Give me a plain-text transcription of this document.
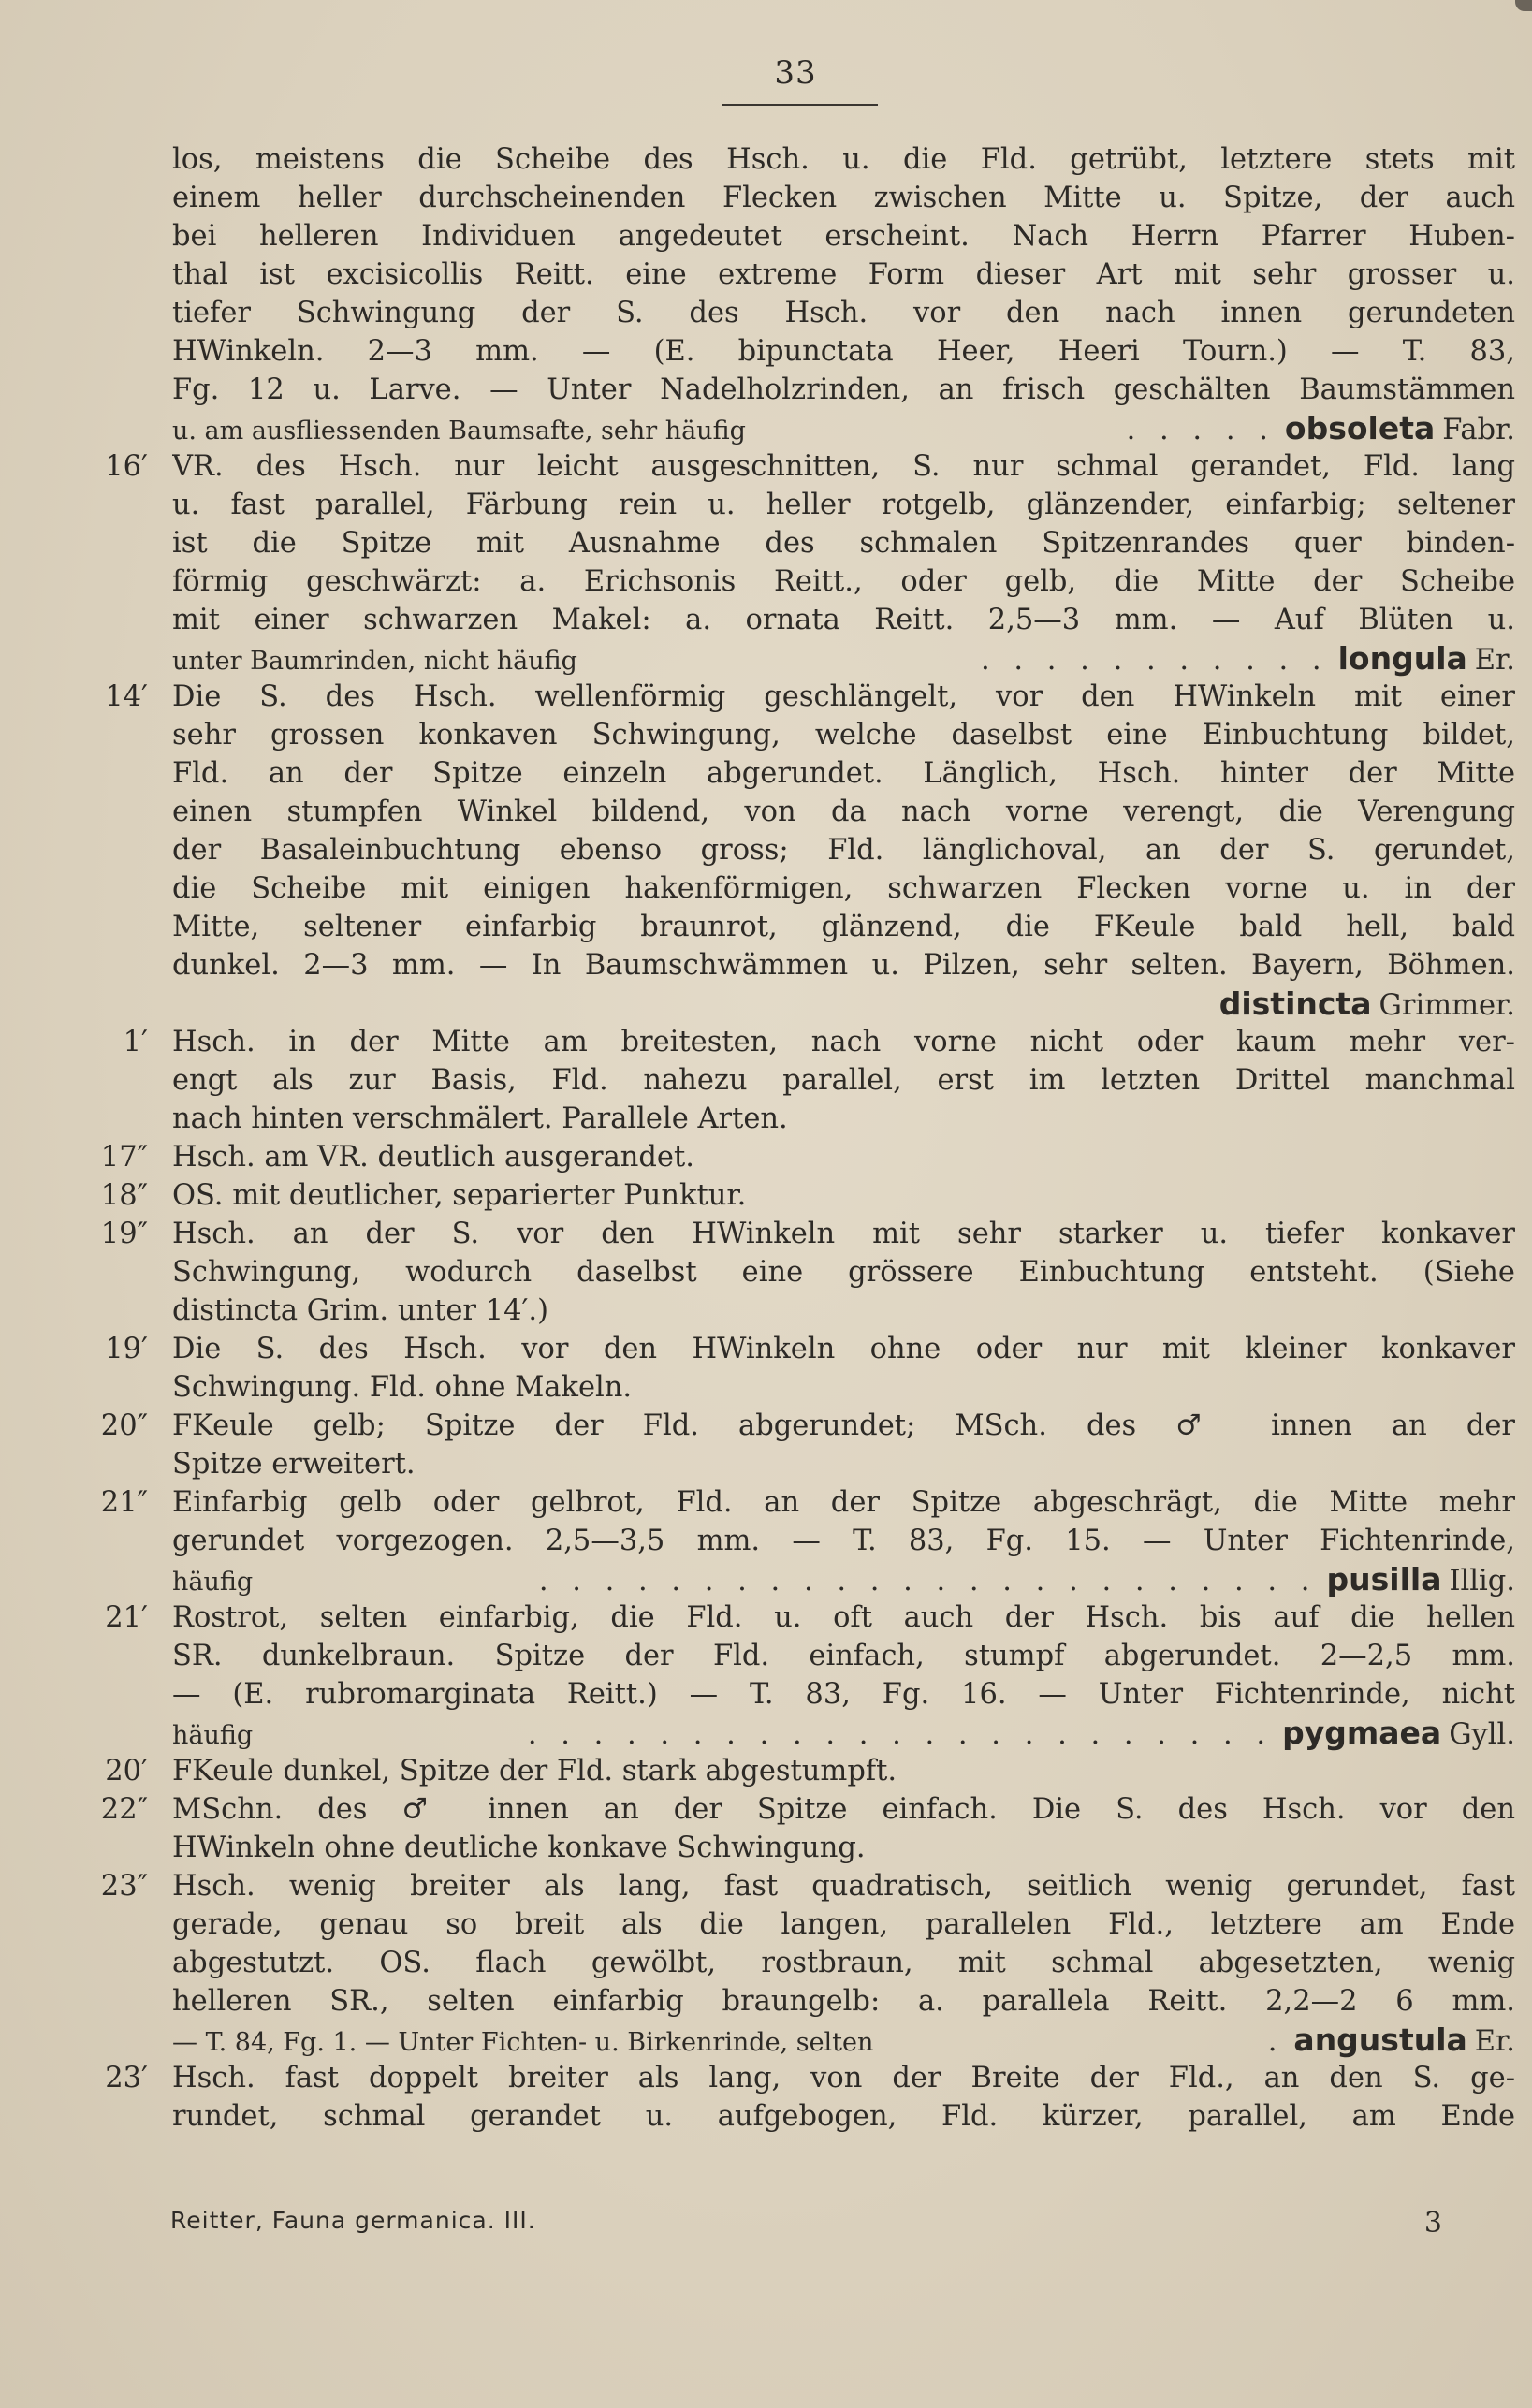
33
los, meistens die Scheibe des Hsch. u. die Fld. getrübt, letztere stets mit
einem heller durchscheinenden Flecken zwischen Mitte u. Spitze, der auch
bei helleren Individuen angedeutet erscheint. Nach Herrn Pfarrer Huben-
thal ist excisicollis Reitt. eine extreme Form dieser Art mit sehr grosser u.
tiefer Schwingung der S. des Hsch. vor den nach innen gerundeten
HWinkeln. 2—3 mm. — (E. bipunctata Heer, Heeri Tourn.) — T. 83,
Fg. 12 u. Larve. — Unter Nadelholzrinden, an frisch geschälten Baumstämmen
u. am ausfliessenden Baumsafte, sehr häufig	. . . . . obsoleta Fabr.
16′ VR. des Hsch. nur leicht ausgeschnitten, S. nur schmal gerandet, Fld. lang
u. fast parallel, Färbung rein u. heller rotgelb, glänzender, einfarbig; seltener
ist die Spitze mit Ausnahme des schmalen Spitzenrandes quer binden-
förmig geschwärzt: a. Erichsonis Reitt., oder gelb, die Mitte der Scheibe
mit einer schwarzen Makel: a. ornata Reitt. 2,5—3 mm. — Auf Blüten u.
unter Baumrinden, nicht häufig	. . . . . . . . . . . longula Er.
14′ Die S. des Hsch. wellenförmig geschlängelt, vor den HWinkeln mit einer
sehr grossen konkaven Schwingung, welche daselbst eine Einbuchtung bildet,
Fld. an der Spitze einzeln abgerundet. Länglich, Hsch. hinter der Mitte
einen stumpfen Winkel bildend, von da nach vorne verengt, die Verengung
der Basaleinbuchtung ebenso gross; Fld. länglichoval, an der S. gerundet,
die Scheibe mit einigen hakenförmigen, schwarzen Flecken vorne u. in der
Mitte, seltener einfarbig braunrot, glänzend, die FKeule bald hell, bald
dunkel. 2—3 mm. — In Baumschwämmen u. Pilzen, sehr selten. Bayern, Böhmen.
distincta Grimmer.
1′ Hsch. in der Mitte am breitesten, nach vorne nicht oder kaum mehr ver-
engt als zur Basis, Fld. nahezu parallel, erst im letzten Drittel manchmal
nach hinten verschmälert. Parallele Arten.
17″ Hsch. am VR. deutlich ausgerandet.
18″ OS. mit deutlicher, separierter Punktur.
19″ Hsch. an der S. vor den HWinkeln mit sehr starker u. tiefer konkaver
Schwingung, wodurch daselbst eine grössere Einbuchtung entsteht. (Siehe
distincta Grim. unter 14′.)
19′ Die S. des Hsch. vor den HWinkeln ohne oder nur mit kleiner konkaver
Schwingung. Fld. ohne Makeln.
20″ FKeule gelb; Spitze der Fld. abgerundet; MSch. des ♂ innen an der
Spitze erweitert.
21″ Einfarbig gelb oder gelbrot, Fld. an der Spitze abgeschrägt, die Mitte mehr
gerundet vorgezogen. 2,5—3,5 mm. — T. 83, Fg. 15. — Unter Fichtenrinde,
häufig	. . . . . . . . . . . . . . . . . . . . . . . . pusilla Illig.
21′ Rostrot, selten einfarbig, die Fld. u. oft auch der Hsch. bis auf die hellen
SR. dunkelbraun. Spitze der Fld. einfach, stumpf abgerundet. 2—2,5 mm.
— (E. rubromarginata Reitt.) — T. 83, Fg. 16. — Unter Fichtenrinde, nicht
häufig	. . . . . . . . . . . . . . . . . . . . . . . pygmaea Gyll.
20′ FKeule dunkel, Spitze der Fld. stark abgestumpft.
22″ MSchn. des ♂ innen an der Spitze einfach. Die S. des Hsch. vor den
HWinkeln ohne deutliche konkave Schwingung.
23″ Hsch. wenig breiter als lang, fast quadratisch, seitlich wenig gerundet, fast
gerade, genau so breit als die langen, parallelen Fld., letztere am Ende
abgestutzt. OS. flach gewölbt, rostbraun, mit schmal abgesetzten, wenig
helleren SR., selten einfarbig braungelb: a. parallela Reitt. 2,2—2 6 mm.
— T. 84, Fg. 1. — Unter Fichten- u. Birkenrinde, selten	. angustula Er.
23′ Hsch. fast doppelt breiter als lang, von der Breite der Fld., an den S. ge-
rundet, schmal gerandet u. aufgebogen, Fld. kürzer, parallel, am Ende
Reitter, Fauna germanica. III.	3
